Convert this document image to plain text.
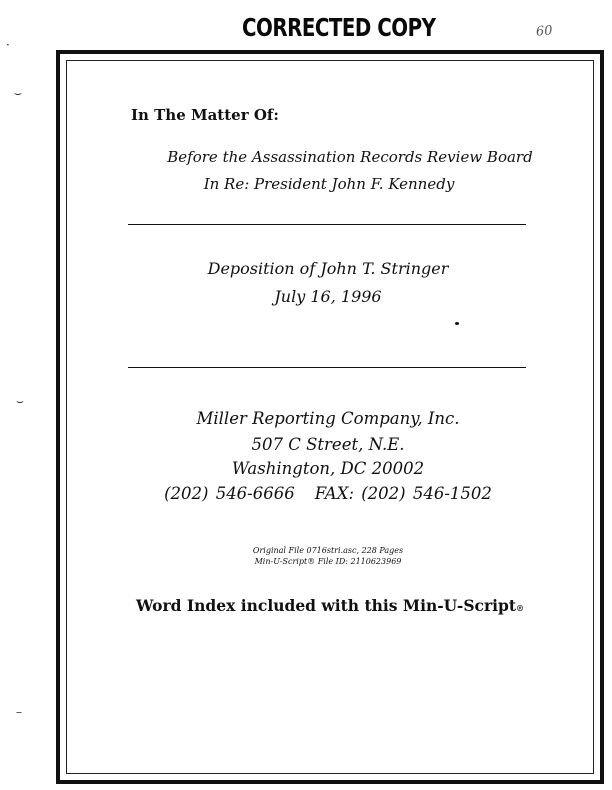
CORRECTED COPY	60
·
⌣
⌣
–
In The Matter Of:
Before the Assassination Records Review Board
In Re: President John F. Kennedy
Deposition of John T. Stringer
July 16, 1996
Miller Reporting Company, Inc.
507 C Street, N.E.
Washington, DC 20002
(202) 546-6666 FAX: (202) 546-1502
Original File 0716stri.asc, 228 Pages
Min-U-Script® File ID: 2110623969
Word Index included with this Min-U-Script®
